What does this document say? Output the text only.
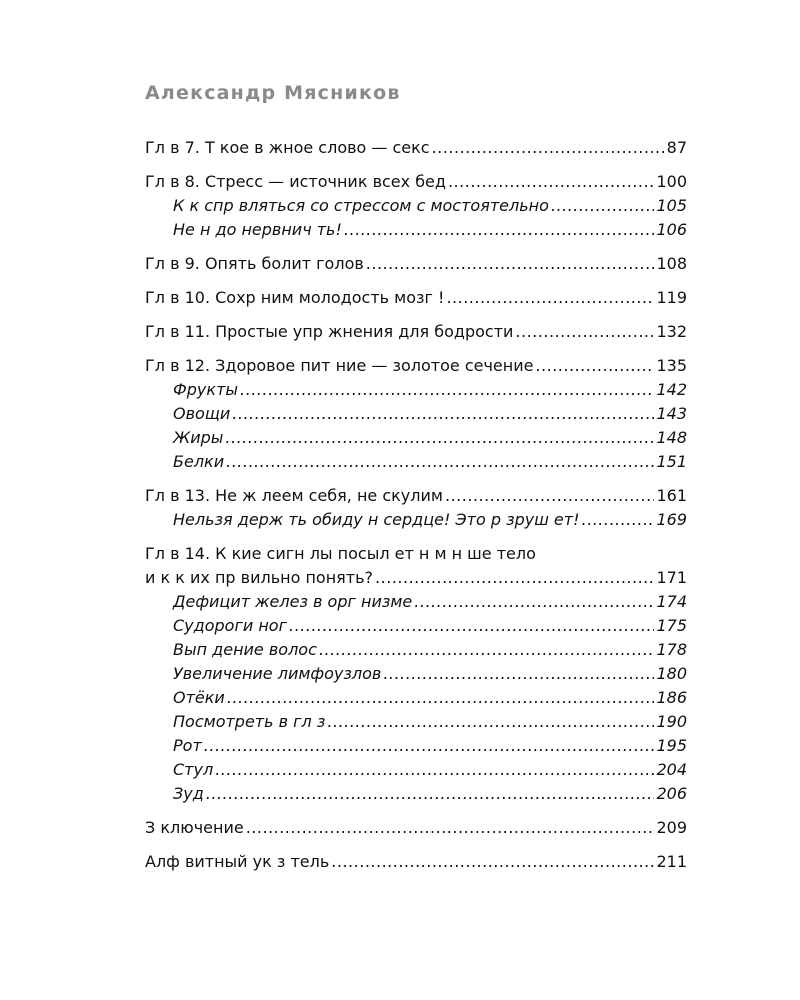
Александр Мясников
Гл в 7. Т кое в жное слово — секс .....	87
Гл в 8. Стресс — источник всех бед .....	100
К к спр вляться со стрессом с мостоятельно .....	105
Не н до нервнич ть! .....	106
Гл в 9. Опять болит голов .....	108
Гл в 10. Сохр ним молодость мозг ! .....	119
Гл в 11. Простые упр жнения для бодрости .....	132
Гл в 12. Здоровое пит ние — золотое сечение .....	135
Фрукты .....	142
Овощи .....	143
Жиры .....	148
Белки .....	151
Гл в 13. Не ж леем себя, не скулим .....	161
Нельзя держ ть обиду н сердце! Это р зруш ет! .....	169
Гл в 14. К кие сигн лы посыл ет н м н ше тело
и к к их пр вильно понять? .....	171
Дефицит желез в орг низме .....	174
Судороги ног .....	175
Вып дение волос .....	178
Увеличение лимфоузлов .....	180
Отёки .....	186
Посмотреть в гл з .....	190
Рот .....	195
Стул .....	204
Зуд .....	206
З ключение .....	209
Алф витный ук з тель .....	211
